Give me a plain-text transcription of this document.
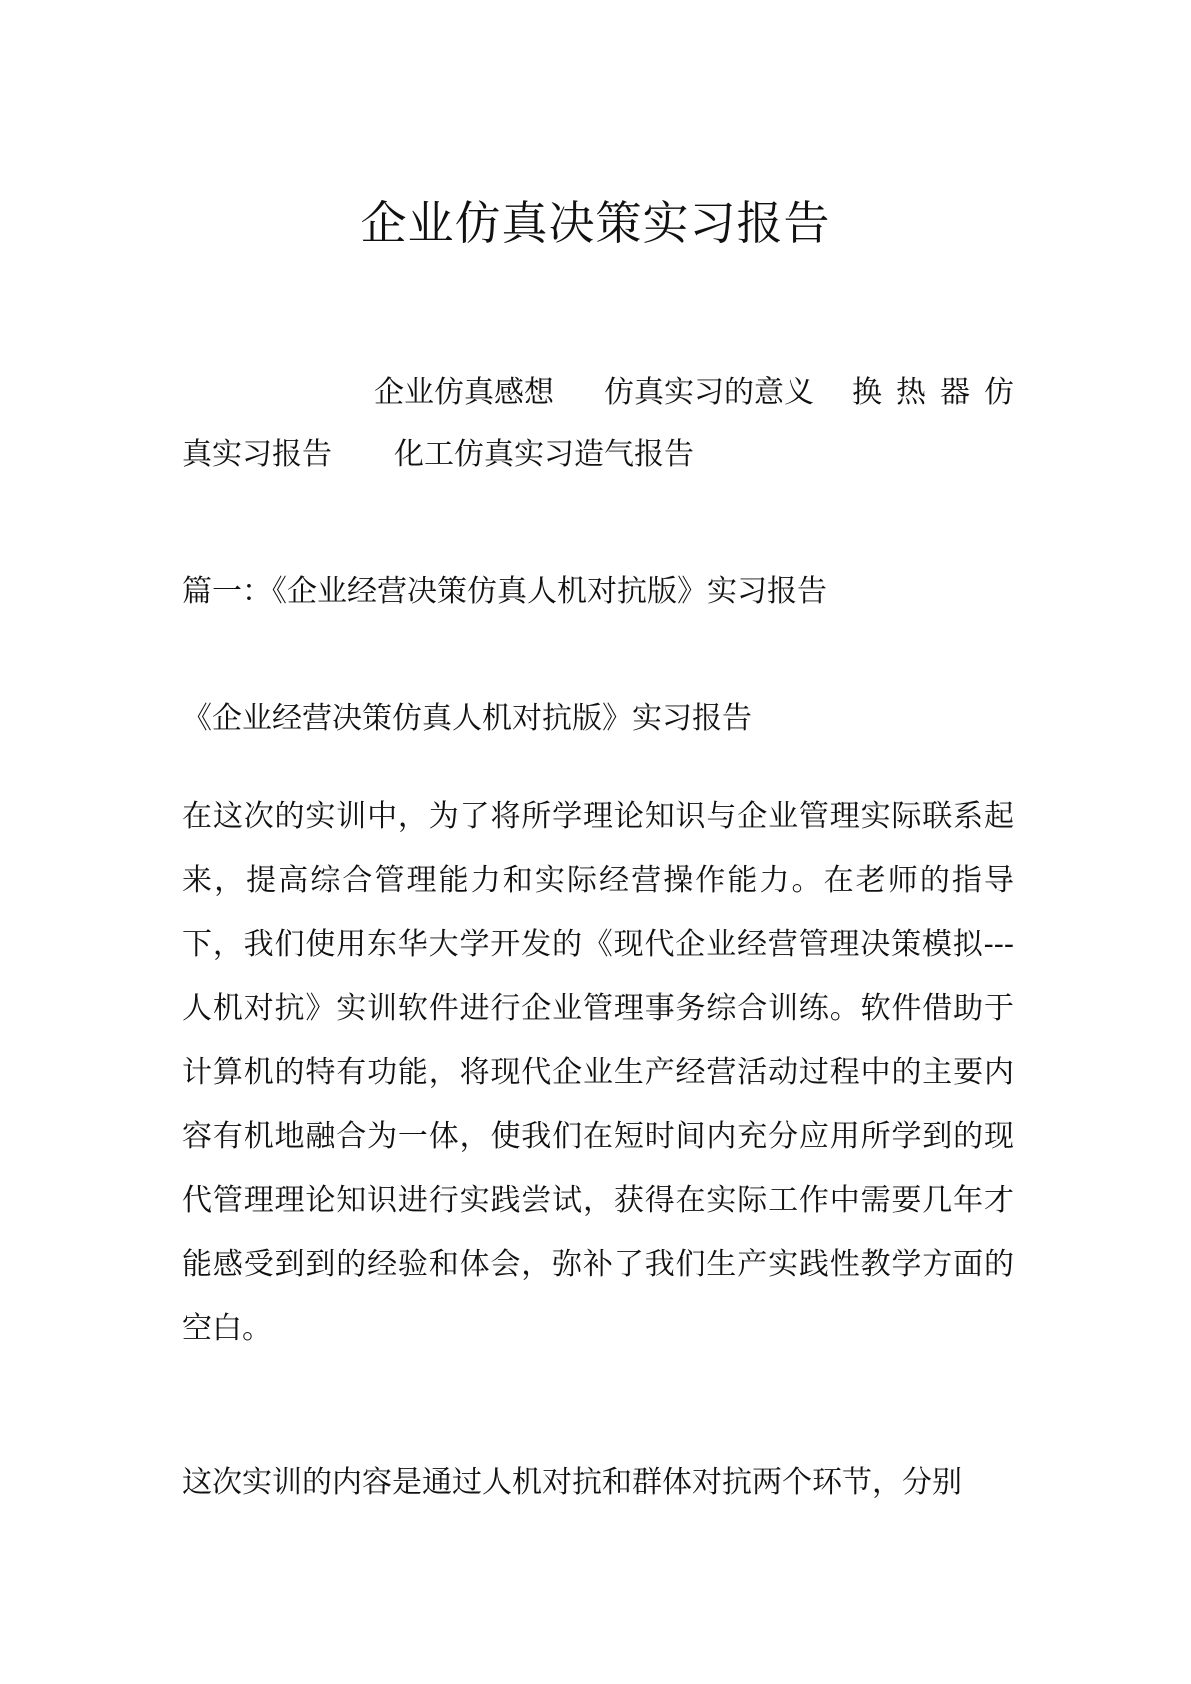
企业仿真决策实习报告
企业仿真感想 仿真实习的意义 换热器仿
真实习报告 化工仿真实习造气报告
篇一：《企业经营决策仿真人机对抗版》实习报告
《企业经营决策仿真人机对抗版》实习报告
在这次的实训中，为了将所学理论知识与企业管理实际联系起来，提高综合管理能力和实际经营操作能力。在老师的指导下，我们使用东华大学开发的《现代企业经营管理决策模拟---人机对抗》实训软件进行企业管理事务综合训练。软件借助于计算机的特有功能，将现代企业生产经营活动过程中的主要内容有机地融合为一体，使我们在短时间内充分应用所学到的现代管理理论知识进行实践尝试，获得在实际工作中需要几年才能感受到到的经验和体会，弥补了我们生产实践性教学方面的空白。
这次实训的内容是通过人机对抗和群体对抗两个环节，分别
